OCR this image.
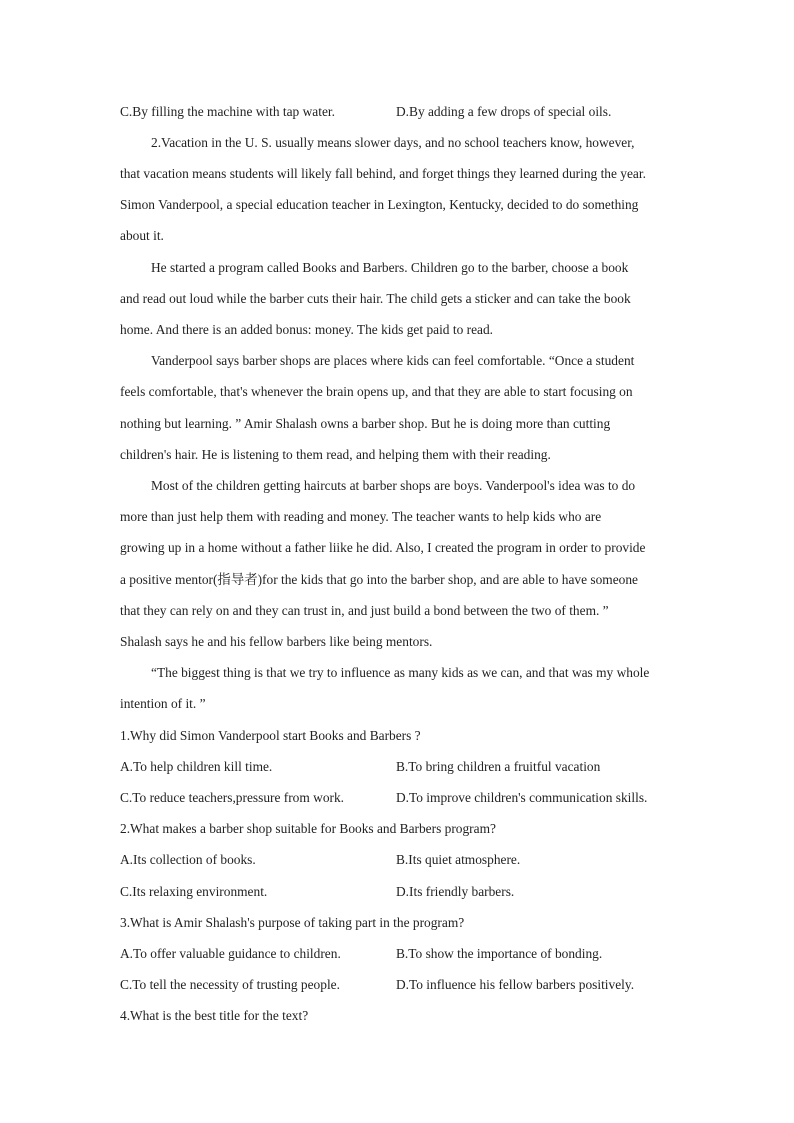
C.By filling the machine with tap water.	D.By adding a few drops of special oils.
2.Vacation in the U. S. usually means slower days, and no school teachers know, however,
that vacation means students will likely fall behind, and forget things they learned during the year.
Simon Vanderpool, a special education teacher in Lexington, Kentucky, decided to do something
about it.
He started a program called Books and Barbers. Children go to the barber, choose a book
and read out loud while the barber cuts their hair. The child gets a sticker and can take the book
home. And there is an added bonus: money. The kids get paid to read.
Vanderpool says barber shops are places where kids can feel comfortable. “Once a student
feels comfortable, that's whenever the brain opens up, and that they are able to start focusing on
nothing but learning. ” Amir Shalash owns a barber shop. But he is doing more than cutting
children's hair. He is listening to them read, and helping them with their reading.
Most of the children getting haircuts at barber shops are boys. Vanderpool's idea was to do
more than just help them with reading and money. The teacher wants to help kids who are
growing up in a home without a father liike he did. Also, I created the program in order to provide
a positive mentor(指导者)for the kids that go into the barber shop, and are able to have someone
that they can rely on and they can trust in, and just build a bond between the two of them. ”
Shalash says he and his fellow barbers like being mentors.
“The biggest thing is that we try to influence as many kids as we can, and that was my whole
intention of it. ”
1.Why did Simon Vanderpool start Books and Barbers ?
A.To help children kill time.	B.To bring children a fruitful vacation
C.To reduce teachers,pressure from work.	D.To improve children's communication skills.
2.What makes a barber shop suitable for Books and Barbers program?
A.Its collection of books.	B.Its quiet atmosphere.
C.Its relaxing environment.	D.Its friendly barbers.
3.What is Amir Shalash's purpose of taking part in the program?
A.To offer valuable guidance to children.	B.To show the importance of bonding.
C.To tell the necessity of trusting people.	D.To influence his fellow barbers positively.
4.What is the best title for the text?
